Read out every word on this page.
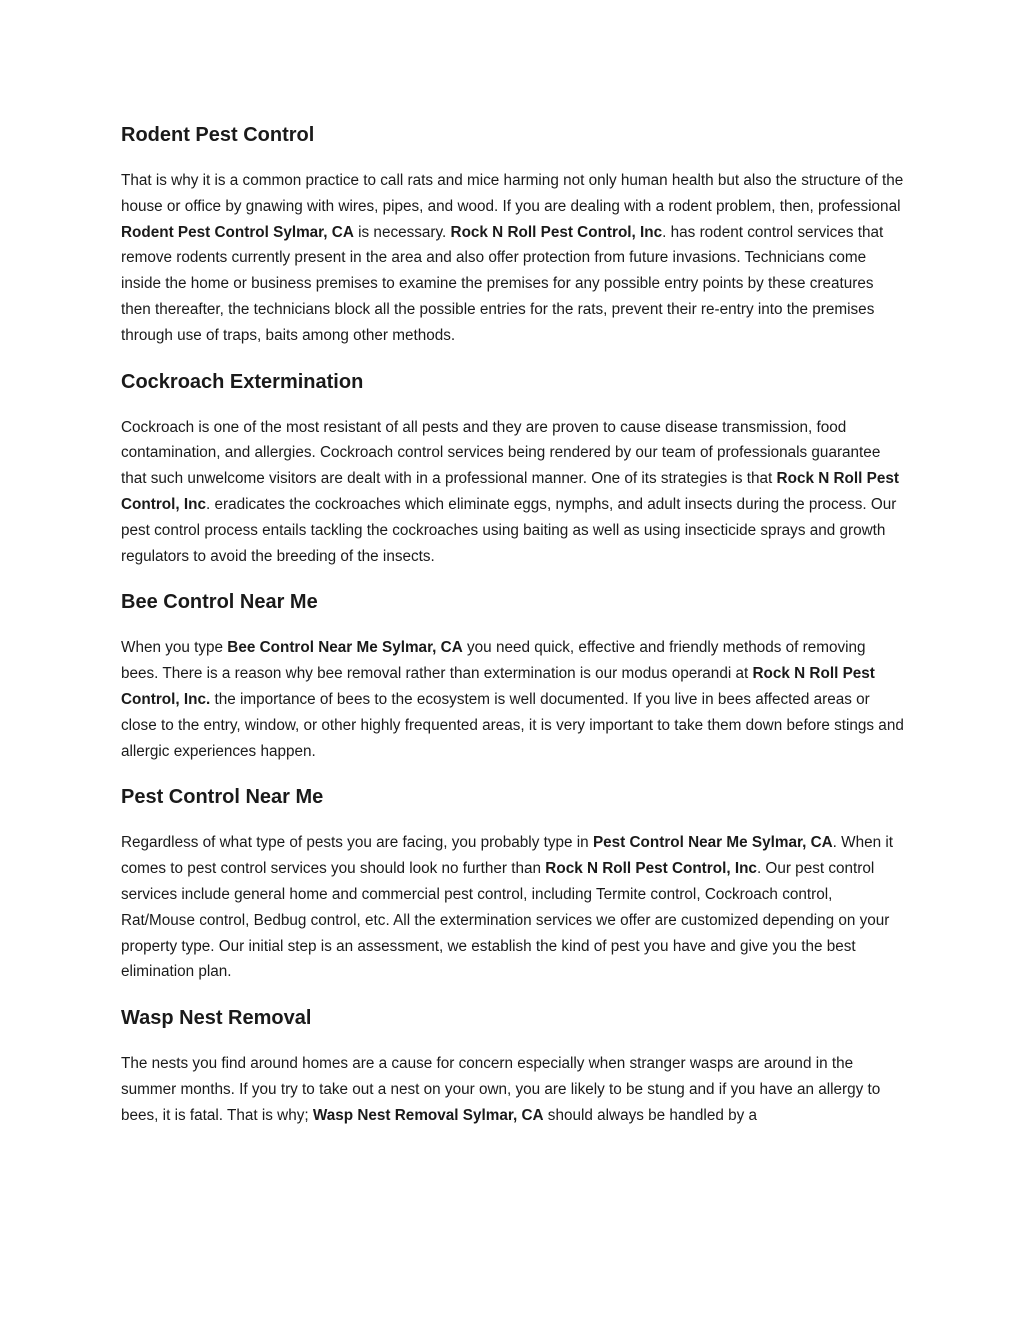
Rodent Pest Control

That is why it is a common practice to call rats and mice harming not only human health but also the structure of the house or office by gnawing with wires, pipes, and wood. If you are dealing with a rodent problem, then, professional Rodent Pest Control Sylmar, CA is necessary. Rock N Roll Pest Control, Inc. has rodent control services that remove rodents currently present in the area and also offer protection from future invasions. Technicians come inside the home or business premises to examine the premises for any possible entry points by these creatures then thereafter, the technicians block all the possible entries for the rats, prevent their re-entry into the premises through use of traps, baits among other methods.

Cockroach Extermination

Cockroach is one of the most resistant of all pests and they are proven to cause disease transmission, food contamination, and allergies. Cockroach control services being rendered by our team of professionals guarantee that such unwelcome visitors are dealt with in a professional manner. One of its strategies is that Rock N Roll Pest Control, Inc. eradicates the cockroaches which eliminate eggs, nymphs, and adult insects during the process. Our pest control process entails tackling the cockroaches using baiting as well as using insecticide sprays and growth regulators to avoid the breeding of the insects.

Bee Control Near Me

When you type Bee Control Near Me Sylmar, CA you need quick, effective and friendly methods of removing bees. There is a reason why bee removal rather than extermination is our modus operandi at Rock N Roll Pest Control, Inc. the importance of bees to the ecosystem is well documented. If you live in bees affected areas or close to the entry, window, or other highly frequented areas, it is very important to take them down before stings and allergic experiences happen.

Pest Control Near Me

Regardless of what type of pests you are facing, you probably type in Pest Control Near Me Sylmar, CA. When it comes to pest control services you should look no further than Rock N Roll Pest Control, Inc. Our pest control services include general home and commercial pest control, including Termite control, Cockroach control, Rat/Mouse control, Bedbug control, etc. All the extermination services we offer are customized depending on your property type. Our initial step is an assessment, we establish the kind of pest you have and give you the best elimination plan.

Wasp Nest Removal

The nests you find around homes are a cause for concern especially when stranger wasps are around in the summer months. If you try to take out a nest on your own, you are likely to be stung and if you have an allergy to bees, it is fatal. That is why; Wasp Nest Removal Sylmar, CA should always be handled by a
